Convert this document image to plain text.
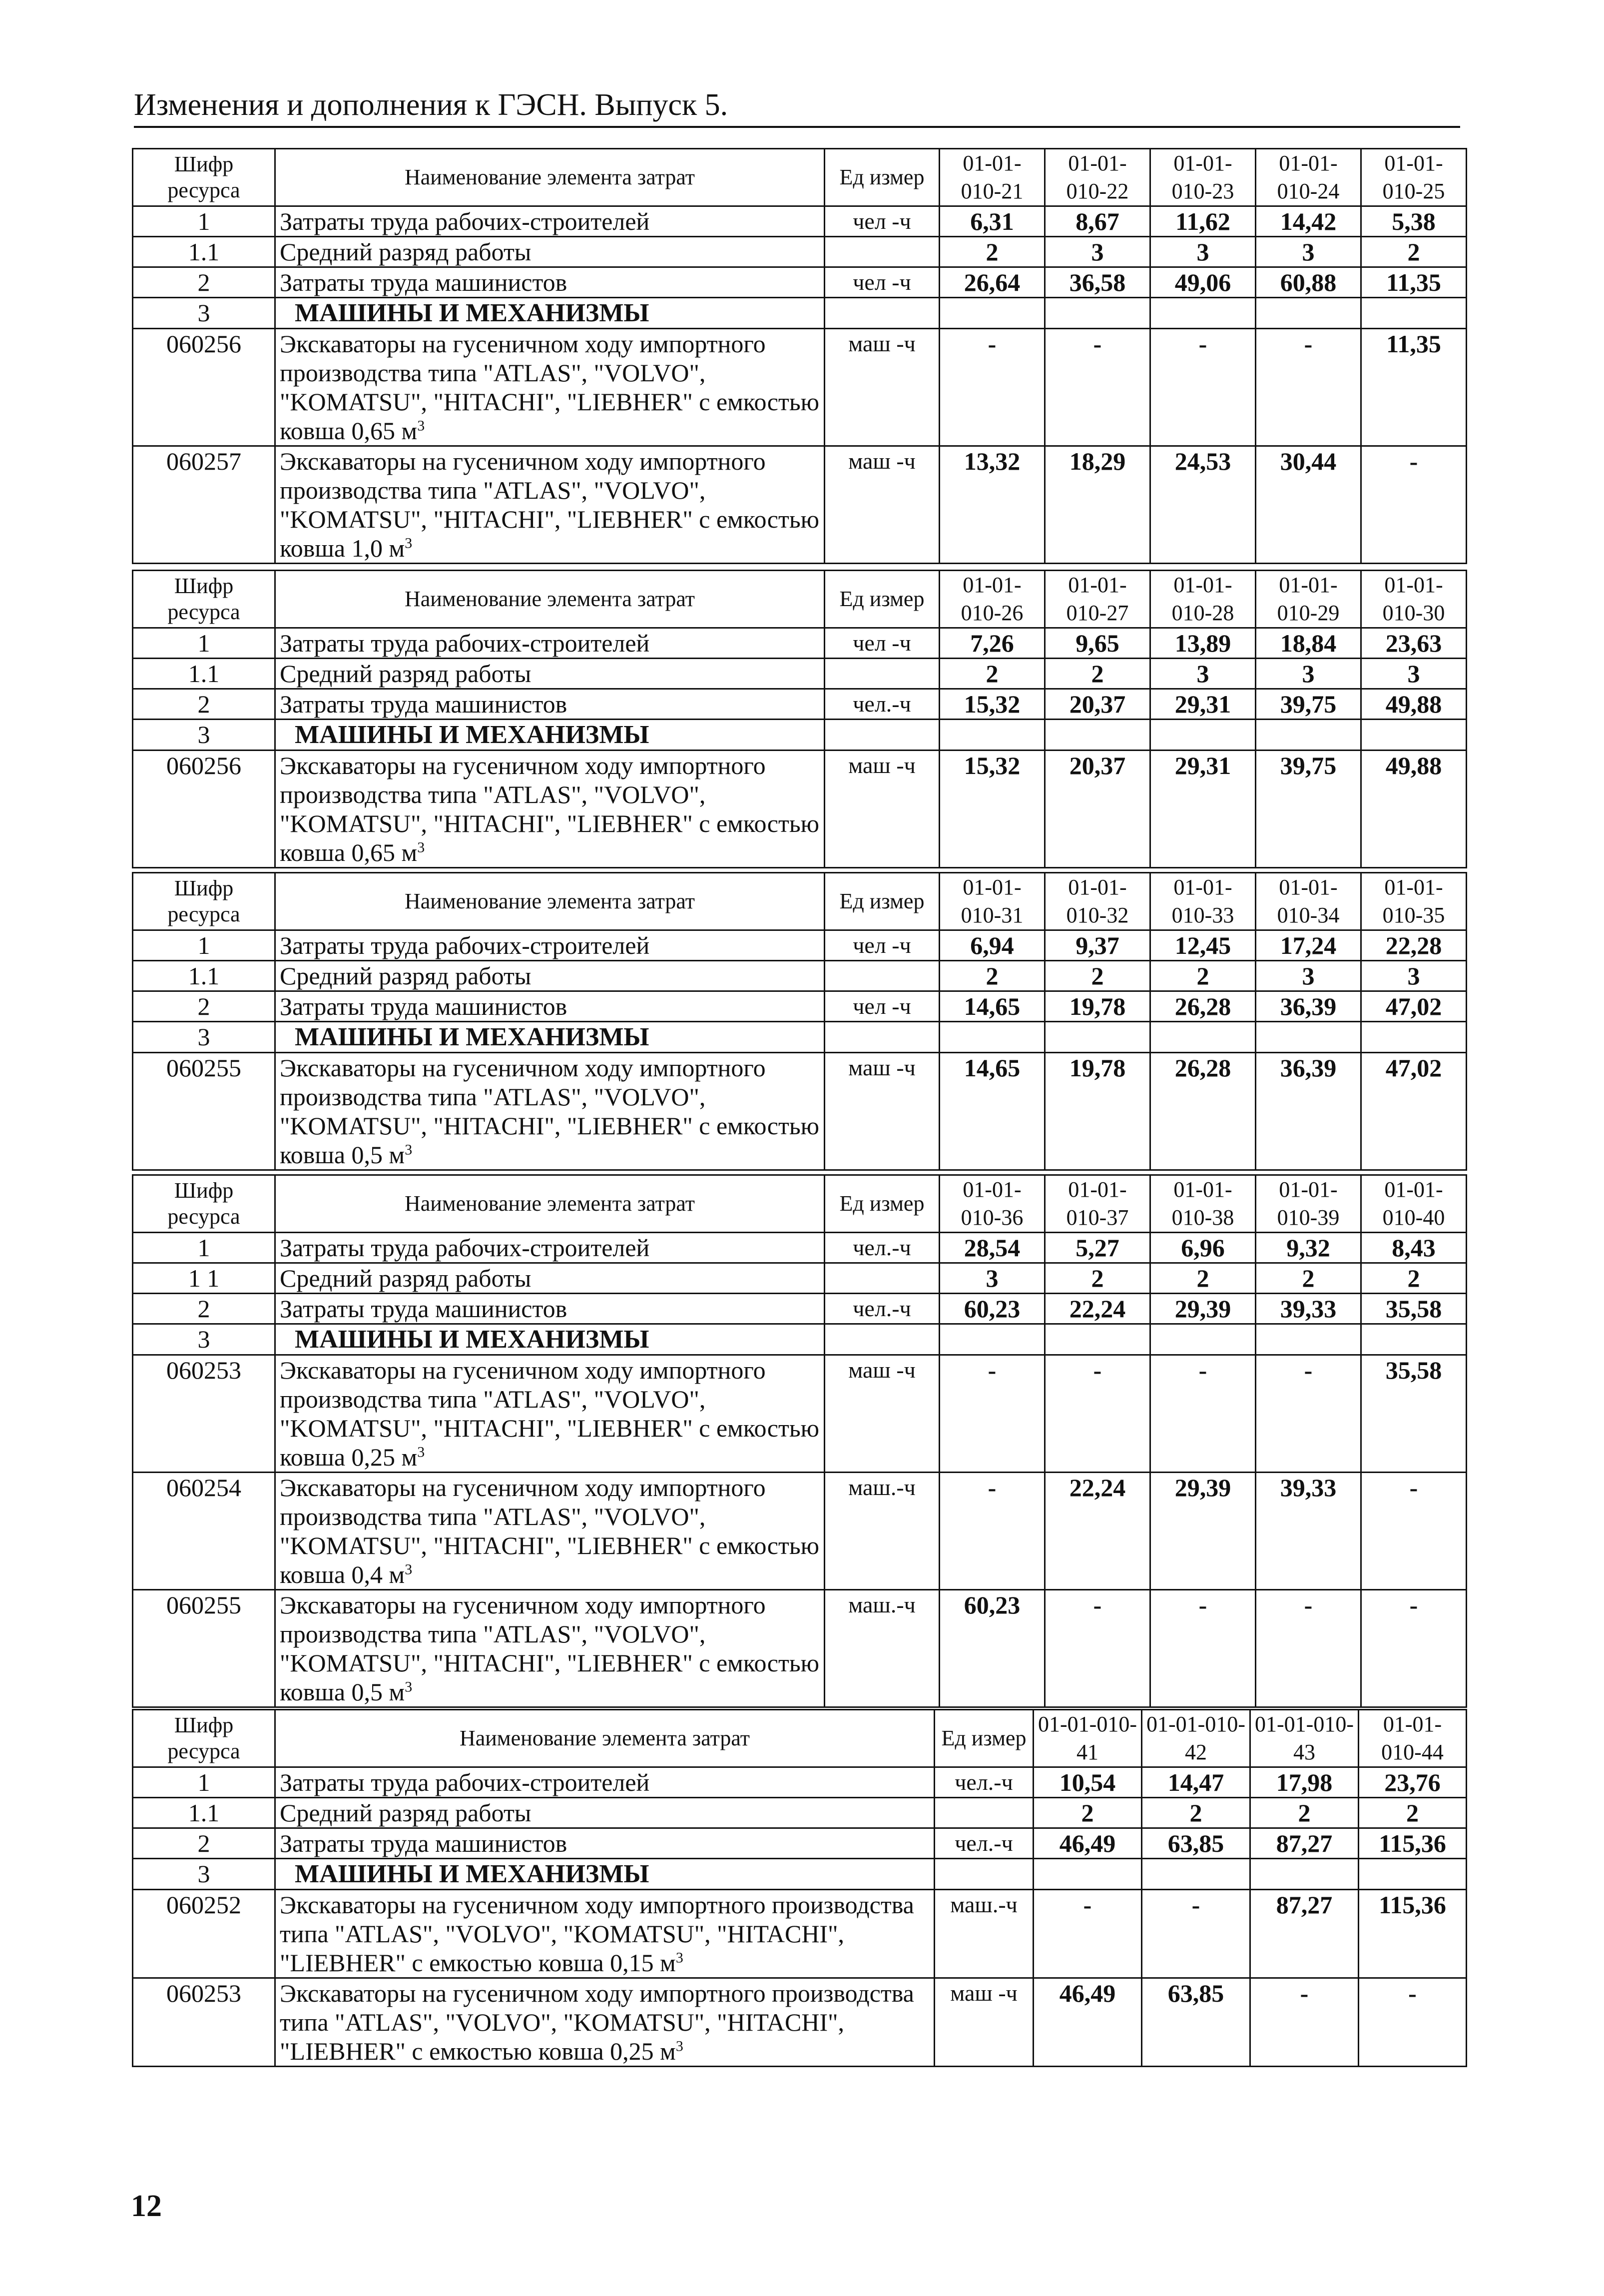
Изменения и дополнения к ГЭСН. Выпуск 5.
Шифр ресурса	Наименование элемента затрат	Ед измер	01-01-010-21	01-01-010-22	01-01-010-23	01-01-010-24	01-01-010-25
1	Затраты труда рабочих-строителей	чел -ч	6,31	8,67	11,62	14,42	5,38
1.1	Средний разряд работы		2	3	3	3	2
2	Затраты труда машинистов	чел -ч	26,64	36,58	49,06	60,88	11,35
3	МАШИНЫ И МЕХАНИЗМЫ						
060256	Экскаваторы на гусеничном ходу импортного производства типа "ATLAS", "VOLVO", "KOMATSU", "HITACHI", "LIEBHER" с емкостью ковша 0,65 $м^3$	маш -ч	-	-	-	-	11,35
060257	Экскаваторы на гусеничном ходу импортного производства типа "ATLAS", "VOLVO", "KOMATSU", "HITACHI", "LIEBHER" с емкостью ковша 1,0 $м^3$	маш -ч	13,32	18,29	24,53	30,44	-
Шифр ресурса	Наименование элемента затрат	Ед измер	01-01-010-26	01-01-010-27	01-01-010-28	01-01-010-29	01-01-010-30
1	Затраты труда рабочих-строителей	чел -ч	7,26	9,65	13,89	18,84	23,63
1.1	Средний разряд работы		2	2	3	3	3
2	Затраты труда машинистов	чел.-ч	15,32	20,37	29,31	39,75	49,88
3	МАШИНЫ И МЕХАНИЗМЫ						
060256	Экскаваторы на гусеничном ходу импортного производства типа "ATLAS", "VOLVO", "KOMATSU", "HITACHI", "LIEBHER" с емкостью ковша 0,65 $м^3$	маш -ч	15,32	20,37	29,31	39,75	49,88
Шифр ресурса	Наименование элемента затрат	Ед измер	01-01-010-31	01-01-010-32	01-01-010-33	01-01-010-34	01-01-010-35
1	Затраты труда рабочих-строителей	чел -ч	6,94	9,37	12,45	17,24	22,28
1.1	Средний разряд работы		2	2	2	3	3
2	Затраты труда машинистов	чел -ч	14,65	19,78	26,28	36,39	47,02
3	МАШИНЫ И МЕХАНИЗМЫ						
060255	Экскаваторы на гусеничном ходу импортного производства типа "ATLAS", "VOLVO", "KOMATSU", "HITACHI", "LIEBHER" с емкостью ковша 0,5 $м^3$	маш -ч	14,65	19,78	26,28	36,39	47,02
Шифр ресурса	Наименование элемента затрат	Ед измер	01-01-010-36	01-01-010-37	01-01-010-38	01-01-010-39	01-01-010-40
1	Затраты труда рабочих-строителей	чел.-ч	28,54	5,27	6,96	9,32	8,43
1 1	Средний разряд работы		3	2	2	2	2
2	Затраты труда машинистов	чел.-ч	60,23	22,24	29,39	39,33	35,58
3	МАШИНЫ И МЕХАНИЗМЫ						
060253	Экскаваторы на гусеничном ходу импортного производства типа "ATLAS", "VOLVO", "KOMATSU", "HITACHI", "LIEBHER" с емкостью ковша 0,25 $м^3$	маш -ч	-	-	-	-	35,58
060254	Экскаваторы на гусеничном ходу импортного производства типа "ATLAS", "VOLVO", "KOMATSU", "HITACHI", "LIEBHER" с емкостью ковша 0,4 $м^3$	маш.-ч	-	22,24	29,39	39,33	-
060255	Экскаваторы на гусеничном ходу импортного производства типа "ATLAS", "VOLVO", "KOMATSU", "HITACHI", "LIEBHER" с емкостью ковша 0,5 $м^3$	маш.-ч	60,23	-	-	-	-
Шифр ресурса	Наименование элемента затрат	Ед измер	01-01-010-41	01-01-010-42	01-01-010-43	01-01-010-44
1	Затраты труда рабочих-строителей	чел.-ч	10,54	14,47	17,98	23,76
1.1	Средний разряд работы		2	2	2	2
2	Затраты труда машинистов	чел.-ч	46,49	63,85	87,27	115,36
3	МАШИНЫ И МЕХАНИЗМЫ					
060252	Экскаваторы на гусеничном ходу импортного производства типа "ATLAS", "VOLVO", "KOMATSU", "HITACHI", "LIEBHER" с емкостью ковша 0,15 $м^3$	маш.-ч	-	-	87,27	115,36
060253	Экскаваторы на гусеничном ходу импортного производства типа "ATLAS", "VOLVO", "KOMATSU", "HITACHI", "LIEBHER" с емкостью ковша 0,25 $м^3$	маш -ч	46,49	63,85	-	-
12
